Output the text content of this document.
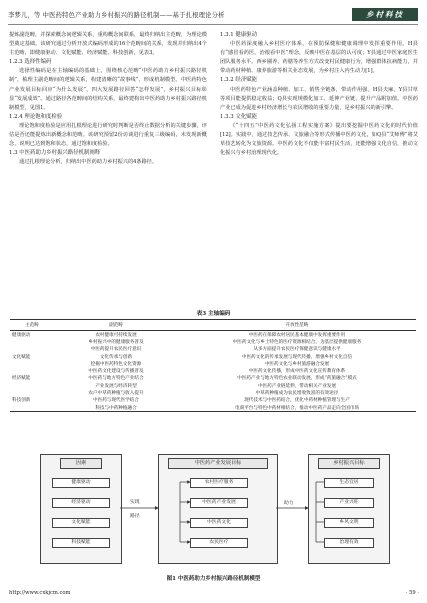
李梦儿，等 中医药特色产业助力乡村振兴的路径机制——基于扎根理论分析	乡村科技

提炼副范畴，并探索概念间逻辑关系，重构概念间联系，最终归纳出主范畴，为理论模型奠定基础。该研究通过分析开放式编码形成的16个范畴间的关系，发现并归纳出4个主范畴，即健康驱动、文化赋能、经济赋能、科技创新，见表3。

1.2.3 选择性编码

选择性编码是在主轴编码的基础上，围绕核心范畴“中医药助力乡村振兴路径机制”，梳理主副范畴间的逻辑关系，构建清晰的“故事线”，形成机制模型。中医药特色产业发展目标回应“为什么发展”，四大发展路径回答“怎样发展”，乡村振兴目标彰显“发展成效”。通过路径各范畴间的结构关系，最终建构出中医药助力乡村振兴路径机制模型，见图1。

1.2.4 理论饱和度检验

理论饱和度检验是应用扎根理论进行研究时判断是否终止数据分析的关键步骤，评估是否还能提炼出新概念和范畴。该研究预留2份访谈进行重复三级编码，未发现新概念，说明已达到饱和状态，通过饱和度检验。

1.3 中医药助力乡村振兴路径机制阐释

通过扎根理论分析，归纳出中医药助力乡村振兴的4条路径。

1.3.1 健康驱动

中医药深度融入乡村医疗体系，在预防保健和健康调理中发挥重要作用。H县有“感冒看药医，治根看中医”理念，反映中医在基层的认可度；Y县通过中医家庭医生团队服务水平。西乡圃养、药膳等养生方式改变村民健康行为，增强群体抗病能力，并带动药材种植、康养旅游等相关业态发展，为乡村注入内生动力[1]。

1.3.2 经济赋能

中医药特色产业涵盖种植、加工、销售全链条，带动作用强。H县夫麻、Y县甘草等项目能提供稳定收益；Q县实现规模化加工、延伸产业链，提升产品附加值。中医药产业已成为促进乡村经济增长与农民增收的重要力量，是乡村振兴的新引擎。

1.3.3 文化赋能

《“十四五”中医药文化弘扬工程实施方案》提出要挖掘中医药文化的时代价值[12]。实践中，通过技艺传承、文旅融合等形式传播中医药文化，如Q县“艾师傅”将艾草技艺转化为文旅资源。中医药文化不仅能丰富村民生活，还能增强文化自信，推动文化振兴与乡村治理现代化。

表3 主轴编码
主范畴	副范畴	开放性范畴
健康驱动	农村健康可持续发展	中医药在保障农村居民基本健康中发挥重要作用
	乡村振兴中的健康服务普及	中医药文化与乡土特色的医疗资源相结合，为基层提供健康服务
	中医药提升农民医疗意识	从多方面提升农民医疗保健意识与健康水平
文化赋能	文化传承与创新	中医药文化的传承发展与现代传播，增强乡村文化自信
	挖掘中医药特色文化资源	中医药文化与乡村旅游融合发展
	中医药文化建设与传播普及	中医药文化传播，形成中医药文化宣传教育体系
经济赋能	中医药与地方特色产业结合	中医药产业与地方特色农业联动发展，形成“药旅融合”模式
	产业发展与经济转型	中医药产业链延伸，带动相关产业发展
	农户中草药种植与收入提升	中草药种植成为农民增收致富的有效途径
科技创新	中医药与现代医学结合	现代技术与中医药结合，优化中药材种植管理与生产
	科技与中药种植融合	电商平台与特色中药材相结合，推动中医药产品走向全国市场
因素
健康驱动
经济驱动
文化赋能
科技赋能
中医药产业发展目标
农村医疗服务
中医药产业发展
中医药文化
农民医疗
乡村振兴目标
生态宜居
产业兴旺
乡风文明
治理有效
实现
路径
助力
图1 中医药助力乡村振兴路径机制模型
http://www.cxkjcm.com	· 59 ·
